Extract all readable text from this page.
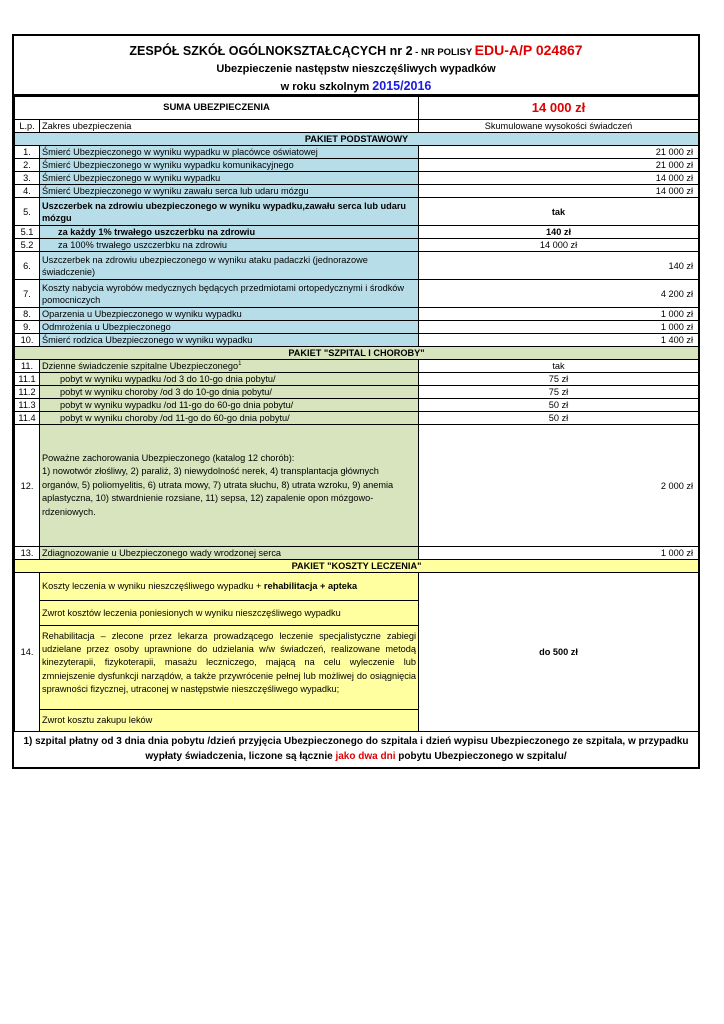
ZESPÓŁ SZKÓŁ OGÓLNOKSZTAŁCĄCYCH nr 2 - NR POLISY EDU-A/P 024867
Ubezpieczenie następstw nieszczęśliwych wypadków
w roku szkolnym 2015/2016
SUMA UBEZPIECZENIA		14 000 zł
L.p.	Zakres ubezpieczenia	Skumulowane wysokości świadczeń
PAKIET PODSTAWOWY		
1.	Śmierć Ubezpieczonego w wyniku wypadku w placówce oświatowej	21 000 zł
2.	Śmierć Ubezpieczonego w wyniku wypadku komunikacyjnego	21 000 zł
3.	Śmierć Ubezpieczonego w wyniku wypadku	14 000 zł
4.	Śmierć Ubezpieczonego w wyniku zawału serca lub udaru mózgu	14 000 zł
5.	Uszczerbek na zdrowiu ubezpieczonego w wyniku wypadku,zawału serca lub udaru mózgu	tak
5.1	za każdy 1% trwałego uszczerbku na zdrowiu	140 zł
5.2	za 100% trwałego uszczerbku na zdrowiu	14 000 zł
6.	Uszczerbek na zdrowiu ubezpieczonego w wyniku ataku padaczki (jednorazowe świadczenie)	140 zł
7.	Koszty nabycia wyrobów medycznych będących przedmiotami ortopedycznymi i środków pomocniczych	4 200 zł
8.	Oparzenia u Ubezpieczonego w wyniku wypadku	1 000 zł
9.	Odmrożenia u Ubezpieczonego	1 000 zł
10.	Śmierć rodzica Ubezpieczonego w wyniku wypadku	1 400 zł
PAKIET "SZPITAL I CHOROBY"		
11.	Dzienne świadczenie szpitalne Ubezpieczonego$^1$	tak
11.1	pobyt w wyniku wypadku /od 3 do 10-go dnia pobytu/	75 zł
11.2	pobyt w wyniku choroby /od 3 do 10-go dnia pobytu/	75 zł
11.3	pobyt w wyniku wypadku /od 11-go do 60-go dnia pobytu/	50 zł
11.4	pobyt w wyniku choroby /od 11-go do 60-go dnia pobytu/	50 zł
12.	Poważne zachorowania Ubezpieczonego (katalog 12 chorób):
1) nowotwór złośliwy, 2) paraliż, 3) niewydolność nerek, 4) transplantacja głównych organów, 5) poliomyelitis, 6) utrata mowy, 7) utrata słuchu, 8) utrata wzroku, 9) anemia aplastyczna, 10) stwardnienie rozsiane, 11) sepsa, 12) zapalenie opon mózgowo-rdzeniowych.	2 000 zł
13.	Zdiagnozowanie u Ubezpieczonego wady wrodzonej serca	1 000 zł
PAKIET "KOSZTY LECZENIA"		
14.	Koszty leczenia w wyniku nieszczęśliwego wypadku + rehabilitacja + apteka
Zwrot kosztów leczenia poniesionych w wyniku nieszczęśliwego wypadku
Rehabilitacja – zlecone przez lekarza prowadzącego leczenie specjalistyczne zabiegi udzielane przez osoby uprawnione do udzielania w/w świadczeń, realizowane metodą kinezyterapii, fizykoterapii, masażu leczniczego, mającą na celu wyleczenie lub zmniejszenie dysfunkcji narządów, a także przywrócenie pełnej lub możliwej do osiągnięcia sprawności fizycznej, utraconej w następstwie nieszczęśliwego wypadku;
Zwrot kosztu zakupu leków	do 500 zł
1) szpital płatny od 3 dnia dnia pobytu /dzień przyjęcia Ubezpieczonego do szpitala i dzień wypisu Ubezpieczonego ze szpitala, w przypadku wypłaty świadczenia, liczone są łącznie jako dwa dni pobytu Ubezpieczonego w szpitalu/
